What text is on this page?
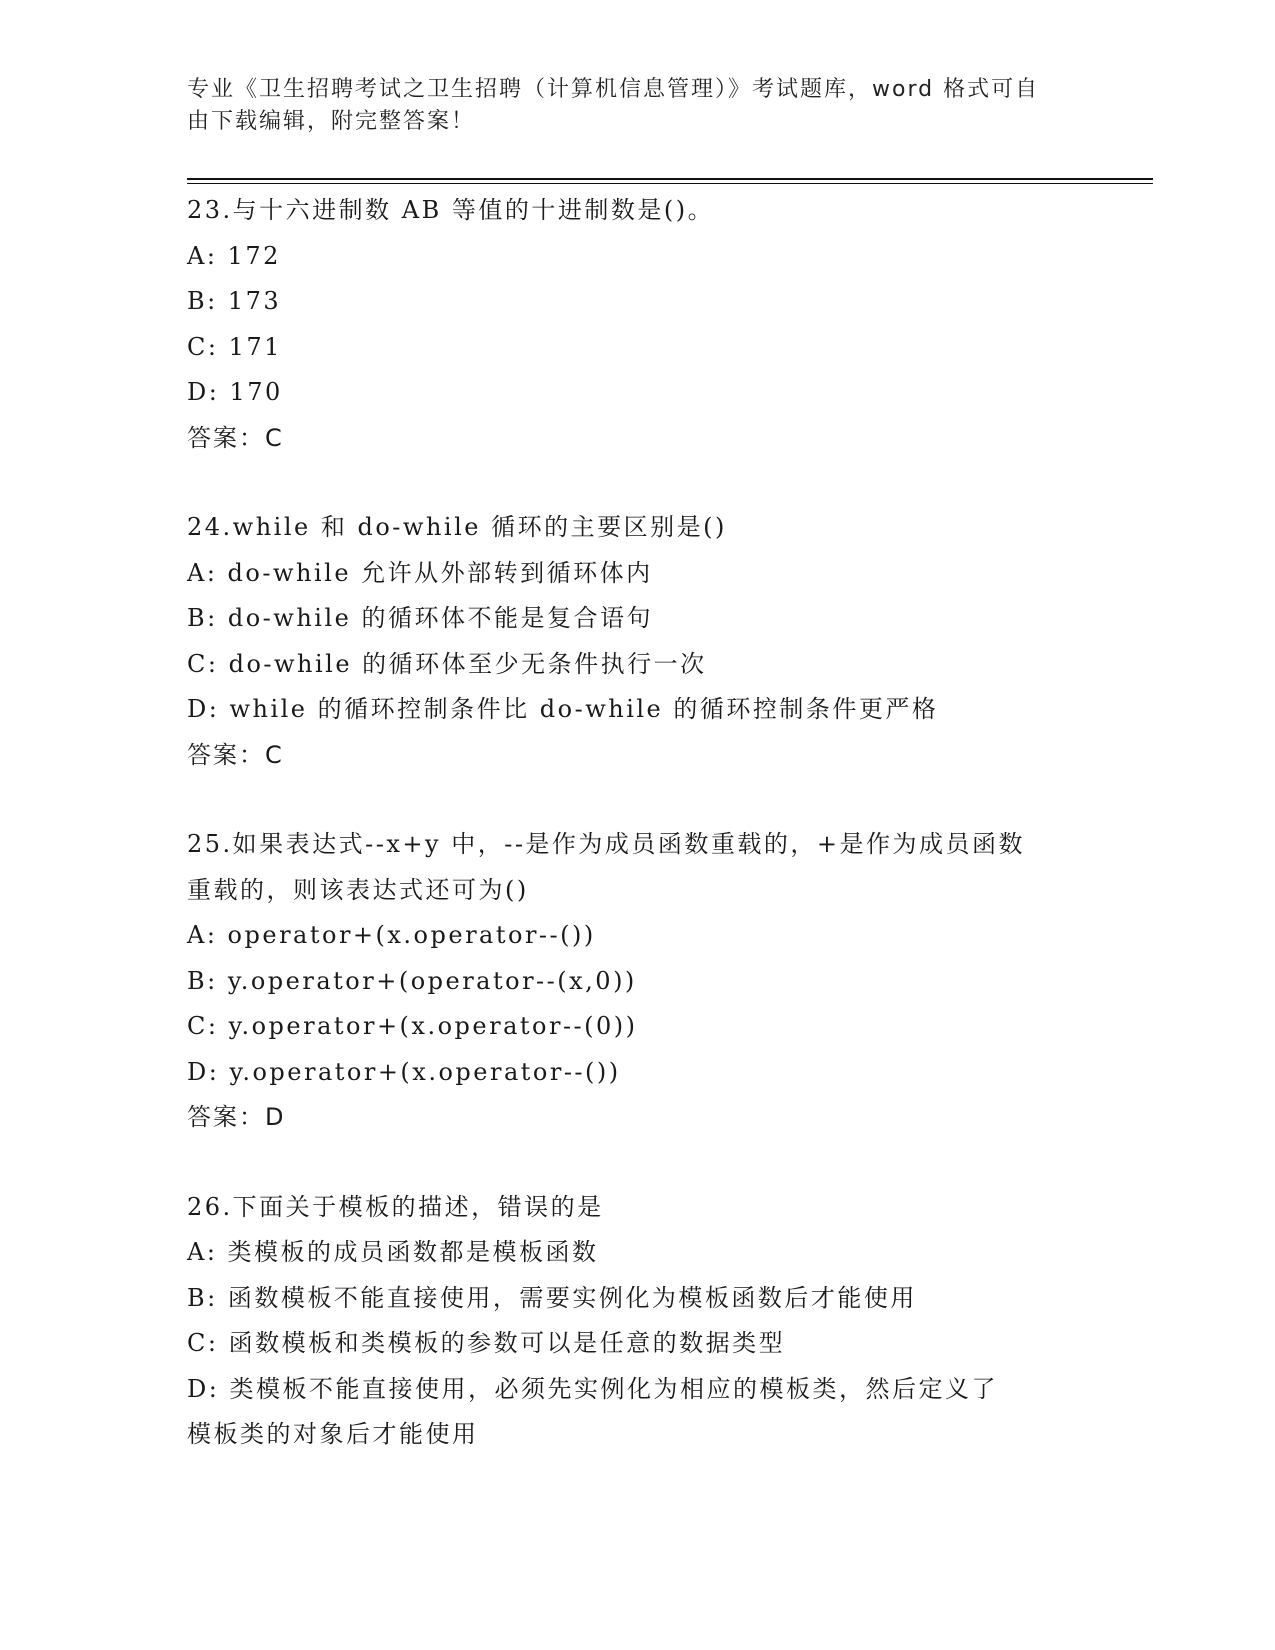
专业《卫生招聘考试之卫生招聘（计算机信息管理）》考试题库，word 格式可自
由下载编辑，附完整答案！
23.与十六进制数 AB 等值的十进制数是()。
A: 172
B: 173
C: 171
D: 170
答案：C
24.while 和 do-while 循环的主要区别是()
A: do-while 允许从外部转到循环体内
B: do-while 的循环体不能是复合语句
C: do-while 的循环体至少无条件执行一次
D: while 的循环控制条件比 do-while 的循环控制条件更严格
答案：C
25.如果表达式--x+y 中，--是作为成员函数重载的，+是作为成员函数
重载的，则该表达式还可为()
A: operator+(x.operator--())
B: y.operator+(operator--(x,0))
C: y.operator+(x.operator--(0))
D: y.operator+(x.operator--())
答案：D
26.下面关于模板的描述，错误的是
A: 类模板的成员函数都是模板函数
B: 函数模板不能直接使用，需要实例化为模板函数后才能使用
C: 函数模板和类模板的参数可以是任意的数据类型
D: 类模板不能直接使用，必须先实例化为相应的模板类，然后定义了
模板类的对象后才能使用
